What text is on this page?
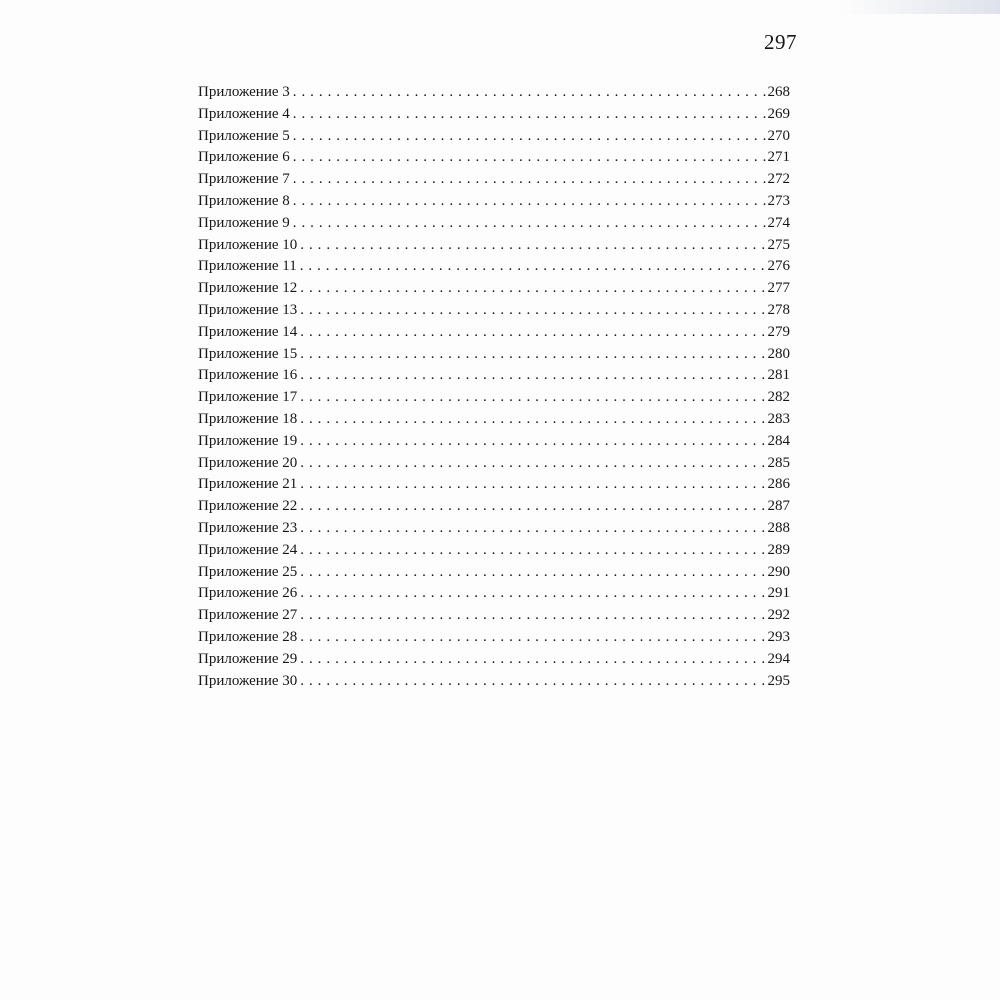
297
Приложение 3 . . .	268
Приложение 4 . . .	269
Приложение 5 . . .	270
Приложение 6 . . .	271
Приложение 7 . . .	272
Приложение 8 . . .	273
Приложение 9 . . .	274
Приложение 10 . . .	275
Приложение 11 . . .	276
Приложение 12 . . .	277
Приложение 13 . . .	278
Приложение 14 . . .	279
Приложение 15 . . .	280
Приложение 16 . . .	281
Приложение 17 . . .	282
Приложение 18 . . .	283
Приложение 19 . . .	284
Приложение 20 . . .	285
Приложение 21 . . .	286
Приложение 22 . . .	287
Приложение 23 . . .	288
Приложение 24 . . .	289
Приложение 25 . . .	290
Приложение 26 . . .	291
Приложение 27 . . .	292
Приложение 28 . . .	293
Приложение 29 . . .	294
Приложение 30 . . .	295
